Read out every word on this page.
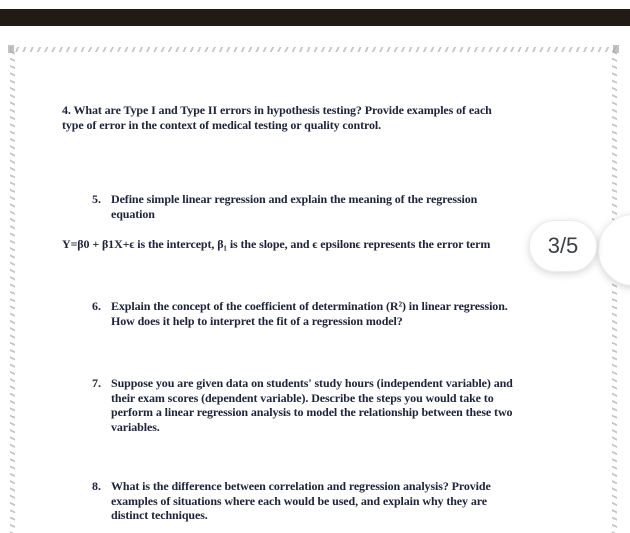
4. What are Type I and Type II errors in hypothesis testing? Provide examples of each
type of error in the context of medical testing or quality control.
5. Define simple linear regression and explain the meaning of the regression
equation
Y=β0 + β1X+ϵ is the intercept, β₁ is the slope, and ϵ epsilonϵ represents the error term
6. Explain the concept of the coefficient of determination (R²) in linear regression.
How does it help to interpret the fit of a regression model?
7. Suppose you are given data on students' study hours (independent variable) and
their exam scores (dependent variable). Describe the steps you would take to
perform a linear regression analysis to model the relationship between these two
variables.
8. What is the difference between correlation and regression analysis? Provide
examples of situations where each would be used, and explain why they are
distinct techniques.
3/5
